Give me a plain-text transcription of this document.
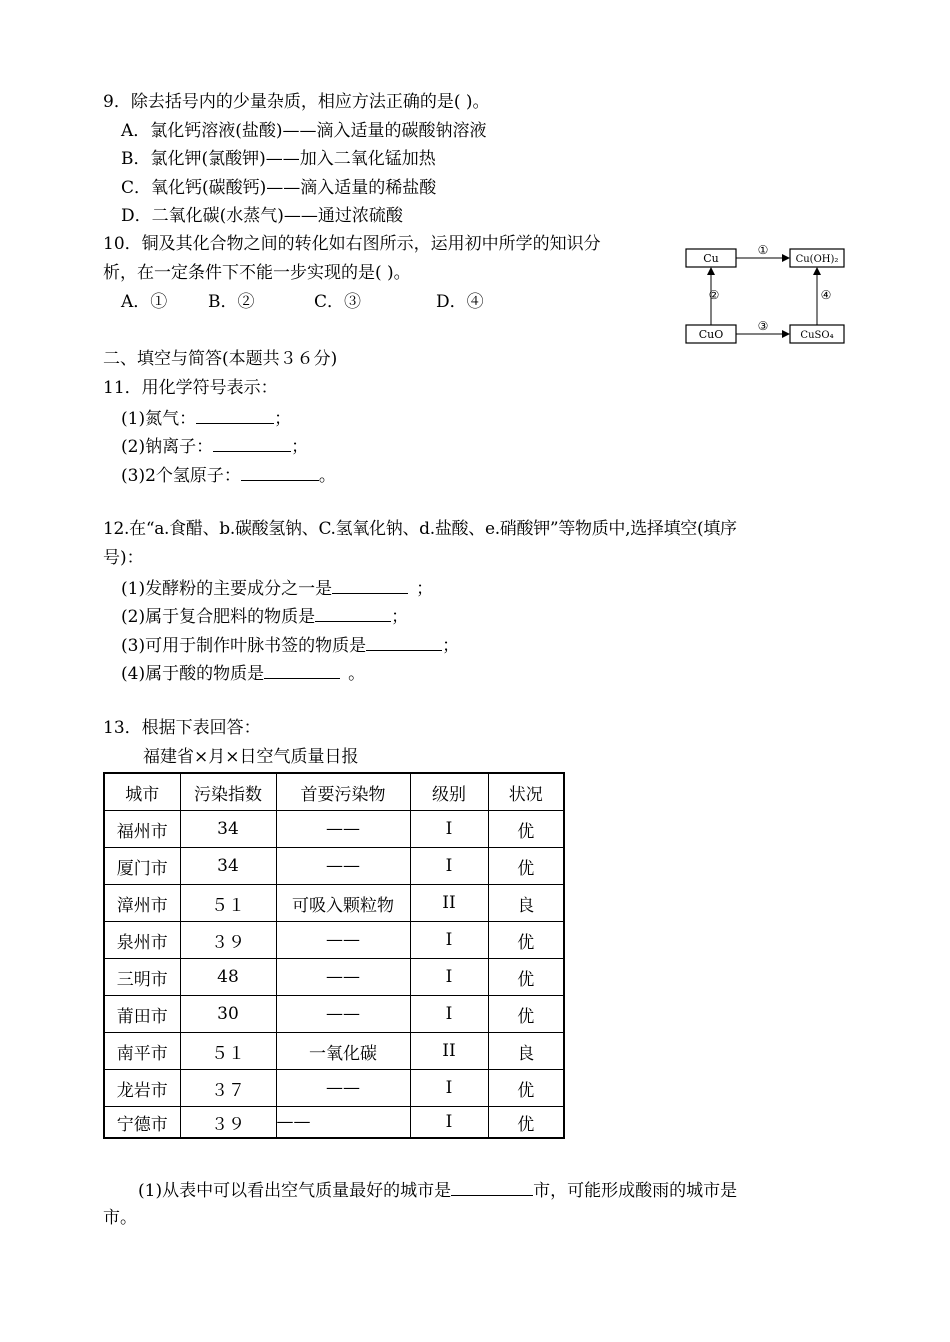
9．除去括号内的少量杂质，相应方法正确的是( )。
A．氯化钙溶液(盐酸)——滴入适量的碳酸钠溶液
B．氯化钾(氯酸钾)——加入二氧化锰加热
C．氧化钙(碳酸钙)——滴入适量的稀盐酸
D．二氧化碳(水蒸气)——通过浓硫酸
10．铜及其化合物之间的转化如右图所示，运用初中所学的知识分
析，在一定条件下不能一步实现的是( )。
A．① B．②	C．③	D．④
Cu	Cu(OH)₂
CuO	CuSO₄
①
②
③
④
二、填空与简答(本题共３６分)
11．用化学符号表示：
(1)氮气：	；
(2)钠离子：	；
(3)2个氢原子：	。
12.在“a.食醋、b.碳酸氢钠、C.氢氧化钠、d.盐酸、e.硝酸钾”等物质中,选择填空(填序
号)：
(1)发酵粉的主要成分之一是	；
(2)属于复合肥料的物质是	；
(3)可用于制作叶脉书签的物质是	；
(4)属于酸的物质是	。
13．根据下表回答：
福建省×月×日空气质量日报
城市	污染指数	首要污染物	级别	状况
福州市	34	——	I	优
厦门市	34	——	I	优
漳州市	５１	可吸入颗粒物	II	良
泉州市	３９	——	I	优
三明市	48	——	I	优
莆田市	30	——	I	优
南平市	５１	一氧化碳	II	良
龙岩市	３７	——	I	优
宁德市	３９	——	I	优
(1)从表中可以看出空气质量最好的城市是	市，可能形成酸雨的城市是
市。
